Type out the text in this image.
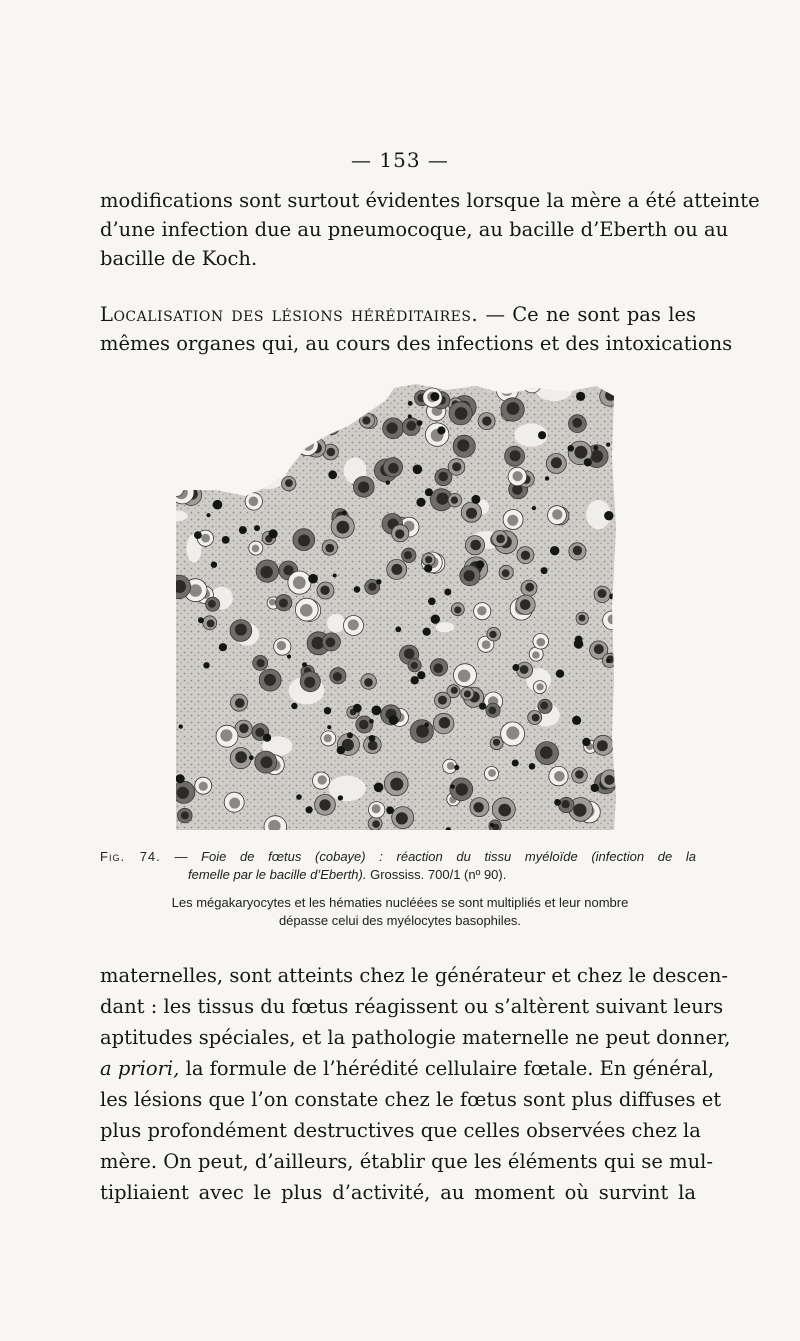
— 153 —
modifications sont surtout évidentes lorsque la mère a été atteinte
d’une infection due au pneumocoque, au bacille d’Eberth ou au
bacille de Koch.
Localisation des lésions héréditaires. — Ce ne sont pas les
mêmes organes qui, au cours des infections et des intoxications
Fig. 74. — Foie de fœtus (cobaye) : réaction du tissu myéloïde (infection de la
femelle par le bacille d’Eberth). Grossiss. 700/1 (nº 90).
Les mégakaryocytes et les hématies nucléées se sont multipliés et leur nombre
dépasse celui des myélocytes basophiles.
maternelles, sont atteints chez le générateur et chez le descen-
dant : les tissus du fœtus réagissent ou s’altèrent suivant leurs
aptitudes spéciales, et la pathologie maternelle ne peut donner,
a priori, la formule de l’hérédité cellulaire fœtale. En général,
les lésions que l’on constate chez le fœtus sont plus diffuses et
plus profondément destructives que celles observées chez la
mère. On peut, d’ailleurs, établir que les éléments qui se mul-
tipliaient avec le plus d’activité, au moment où survint la
